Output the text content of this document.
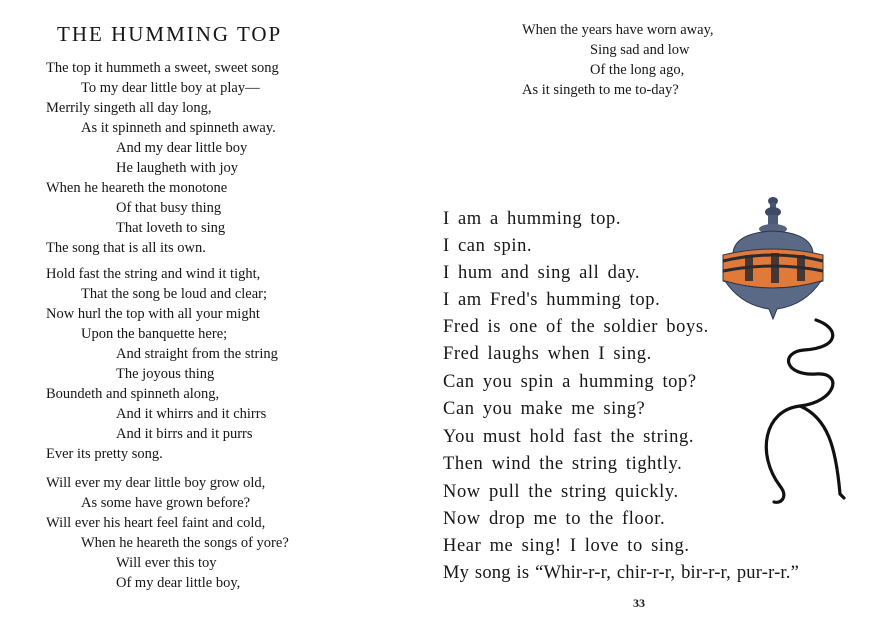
THE HUMMING TOP
The top it hummeth a sweet, sweet song
To my dear little boy at play—
Merrily singeth all day long,
As it spinneth and spinneth away.
And my dear little boy
He laugheth with joy
When he heareth the monotone
Of that busy thing
That loveth to sing
The song that is all its own.
Hold fast the string and wind it tight,
That the song be loud and clear;
Now hurl the top with all your might
Upon the banquette here;
And straight from the string
The joyous thing
Boundeth and spinneth along,
And it whirrs and it chirrs
And it birrs and it purrs
Ever its pretty song.
Will ever my dear little boy grow old,
As some have grown before?
Will ever his heart feel faint and cold,
When he heareth the songs of yore?
Will ever this toy
Of my dear little boy,
When the years have worn away,
Sing sad and low
Of the long ago,
As it singeth to me to-day?
I am a humming top.
I can spin.
I hum and sing all day.
I am Fred's humming top.
Fred is one of the soldier boys.
Fred laughs when I sing.
Can you spin a humming top?
Can you make me sing?
You must hold fast the string.
Then wind the string tightly.
Now pull the string quickly.
Now drop me to the floor.
Hear me sing! I love to sing.
My song is “Whir-r-r, chir-r-r, bir-r-r, pur-r-r.”
33
